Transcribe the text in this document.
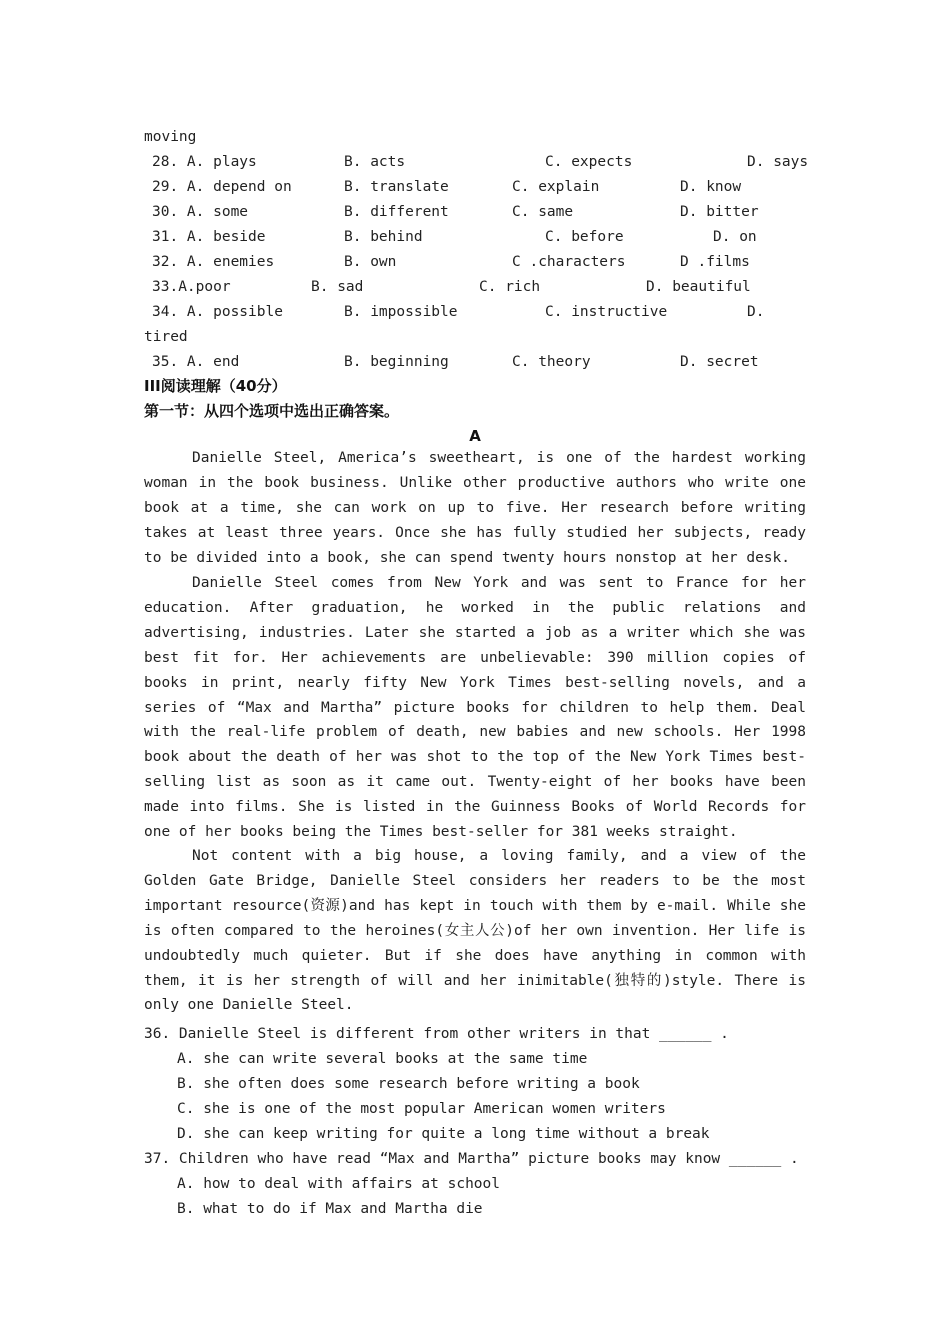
moving
28. A. plays	B. acts	C. expects	D. says
29. A. depend on	B. translate	C. explain	D. know
30. A. some	B. different	C. same	D. bitter
31. A. beside	B. behind	C. before	D. on
32. A. enemies	B. own	C .characters	D .films
33.A.poor	B. sad	C. rich	D. beautiful
34. A. possible	B. impossible	C. instructive	D.
tired
35. A. end	B. beginning	C. theory	D. secret
III阅读理解（40分）
第一节：从四个选项中选出正确答案。
A

Danielle Steel, America’s sweetheart, is one of the hardest working woman in the book business. Unlike other productive authors who write one book at a time, she can work on up to five. Her research before writing takes at least three years. Once she has fully studied her subjects, ready to be divided into a book, she can spend twenty hours nonstop at her desk.

Danielle Steel comes from New York and was sent to France for her education. After graduation, he worked in the public relations and advertising, industries. Later she started a job as a writer which she was best fit for. Her achievements are unbelievable: 390 million copies of books in print, nearly fifty New York Times best-selling novels, and a series of “Max and Martha” picture books for children to help them. Deal with the real-life problem of death, new babies and new schools. Her 1998 book about the death of her was shot to the top of the New York Times best-selling list as soon as it came out. Twenty-eight of her books have been made into films. She is listed in the Guinness Books of World Records for one of her books being the Times best-seller for 381 weeks straight.

Not content with a big house, a loving family, and a view of the Golden Gate Bridge, Danielle Steel considers her readers to be the most important resource(资源)and has kept in touch with them by e-mail. While she is often compared to the heroines(女主人公)of her own invention. Her life is undoubtedly much quieter. But if she does have anything in common with them, it is her strength of will and her inimitable(独特的)style. There is only one Danielle Steel.

36. Danielle Steel is different from other writers in that ______ .
A. she can write several books at the same time
B. she often does some research before writing a book
C. she is one of the most popular American women writers
D. she can keep writing for quite a long time without a break
37. Children who have read “Max and Martha” picture books may know ______ .
A. how to deal with affairs at school
B. what to do if Max and Martha die
